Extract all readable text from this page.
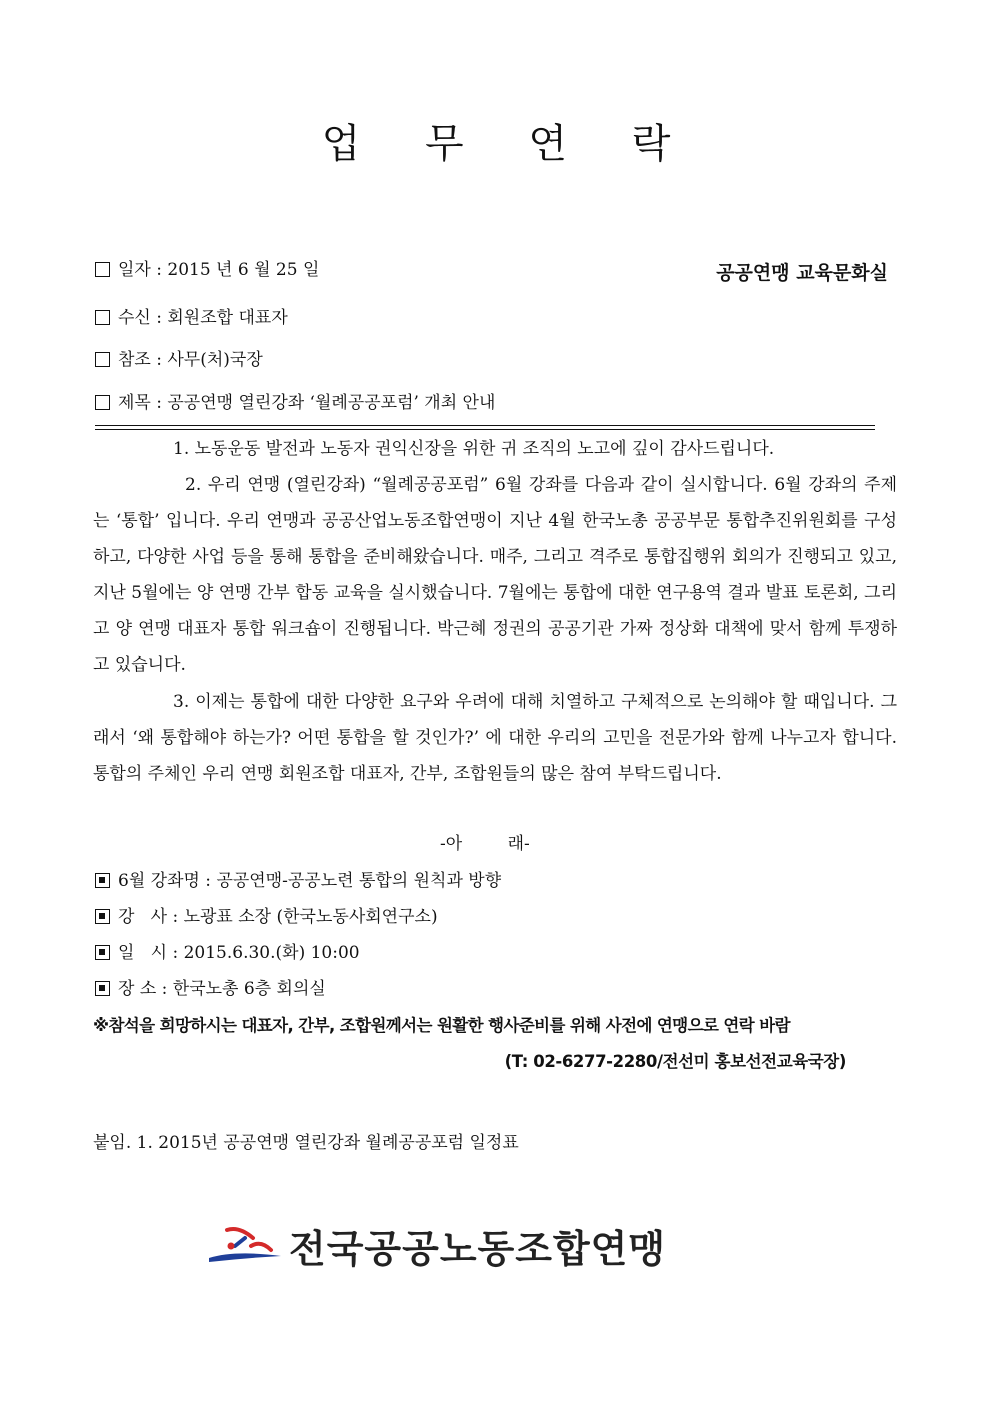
업 무 연 락
일자 : 2015 년 6 월 25 일	공공연맹 교육문화실
수신 : 회원조합 대표자
참조 : 사무(처)국장
제목 : 공공연맹 열린강좌 ‘월례공공포럼’ 개최 안내
1. 노동운동 발전과 노동자 권익신장을 위한 귀 조직의 노고에 깊이 감사드립니다.
2. 우리 연맹 (열린강좌) “월례공공포럼” 6월 강좌를 다음과 같이 실시합니다. 6월 강좌의 주제는 ‘통합’ 입니다. 우리 연맹과 공공산업노동조합연맹이 지난 4월 한국노총 공공부문 통합추진위원회를 구성하고, 다양한 사업 등을 통해 통합을 준비해왔습니다. 매주, 그리고 격주로 통합집행위 회의가 진행되고 있고, 지난 5월에는 양 연맹 간부 합동 교육을 실시했습니다. 7월에는 통합에 대한 연구용역 결과 발표 토론회, 그리고 양 연맹 대표자 통합 워크숍이 진행됩니다. 박근혜 정권의 공공기관 가짜 정상화 대책에 맞서 함께 투쟁하고 있습니다.
3. 이제는 통합에 대한 다양한 요구와 우려에 대해 치열하고 구체적으로 논의해야 할 때입니다. 그래서 ‘왜 통합해야 하는가? 어떤 통합을 할 것인가?’ 에 대한 우리의 고민을 전문가와 함께 나누고자 합니다. 통합의 주체인 우리 연맹 회원조합 대표자, 간부, 조합원들의 많은 참여 부탁드립니다.
-아 래-
6월 강좌명 : 공공연맹-공공노련 통합의 원칙과 방향
강   사 : 노광표 소장 (한국노동사회연구소)
일   시 : 2015.6.30.(화) 10:00
장 소 : 한국노총 6층 회의실
※참석을 희망하시는 대표자, 간부, 조합원께서는 원활한 행사준비를 위해 사전에 연맹으로 연락 바람
(T: 02-6277-2280/전선미 홍보선전교육국장)
붙임. 1. 2015년 공공연맹 열린강좌 월례공공포럼 일정표
전국공공노동조합연맹
